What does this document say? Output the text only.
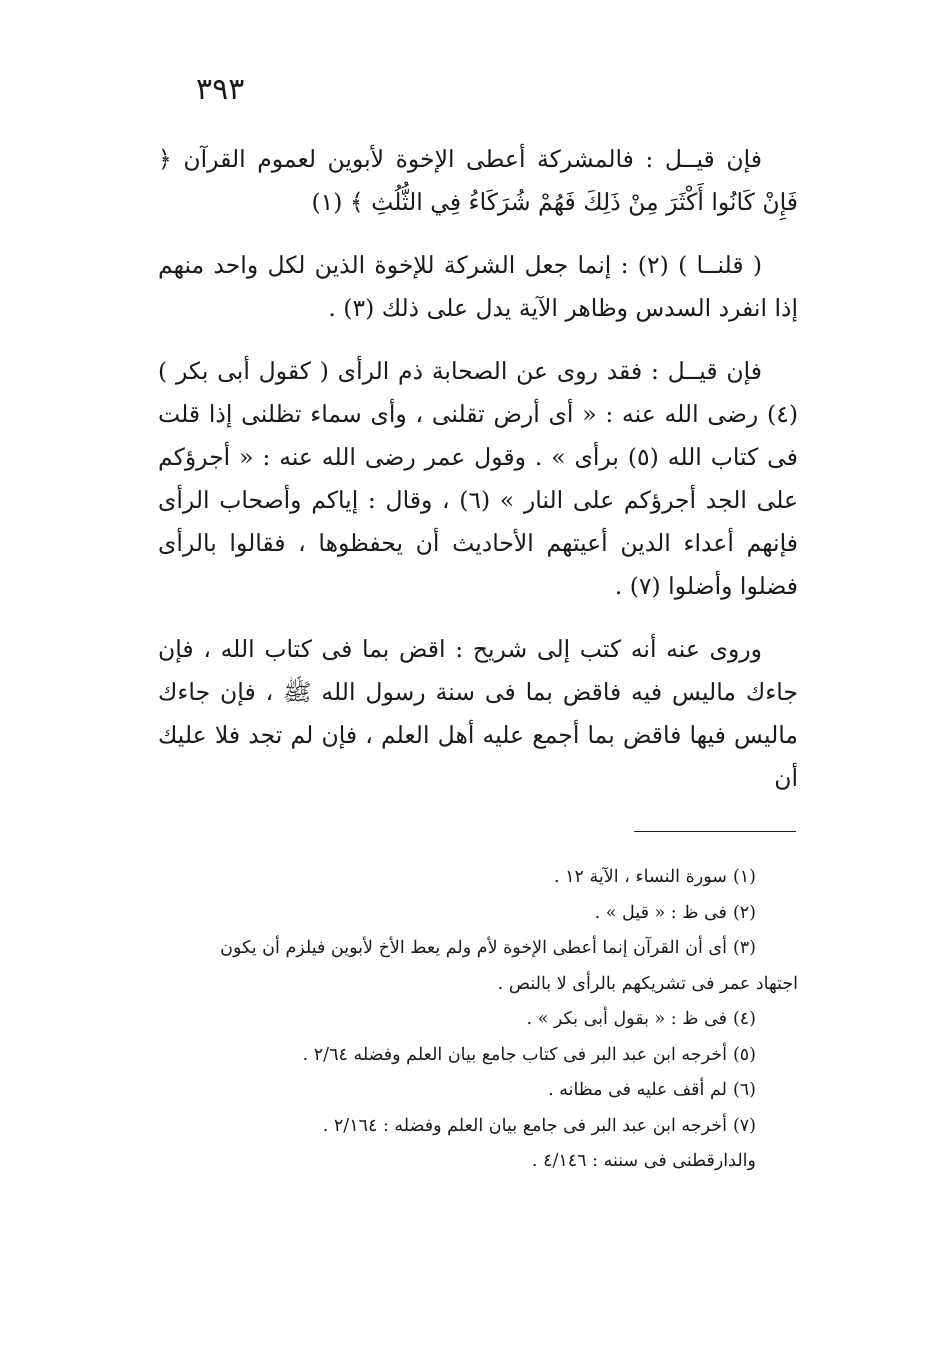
٣٩٣

فإن قيــل : فالمشركة أعطى الإخوة لأبوين لعموم القرآن ﴿ فَإِنْ كَانُوا أَكْثَرَ مِنْ ذَلِكَ فَهُمْ شُرَكَاءُ فِي الثُّلُثِ ﴾ (١)

( قلنــا ) (٢) : إنما جعل الشركة للإخوة الذين لكل واحد منهم إذا انفرد السدس وظاهر الآية يدل على ذلك (٣) .

فإن قيــل : فقد روى عن الصحابة ذم الرأى ( كقول أبى بكر ) (٤) رضى الله عنه : « أى أرض تقلنى ، وأى سماء تظلنى إذا قلت فى كتاب الله (٥) برأى » . وقول عمر رضى الله عنه : « أجرؤكم على الجد أجرؤكم على النار » (٦) ، وقال : إياكم وأصحاب الرأى فإنهم أعداء الدين أعيتهم الأحاديث أن يحفظوها ، فقالوا بالرأى فضلوا وأضلوا (٧) .

وروى عنه أنه كتب إلى شريح : اقض بما فى كتاب الله ، فإن جاءك ماليس فيه فاقض بما فى سنة رسول الله ﷺ ، فإن جاءك ماليس فيها فاقض بما أجمع عليه أهل العلم ، فإن لم تجد فلا عليك أن

(١)سورة النساء ، الآية ١٢ .
(٢)فى ظ : « قيل » .
(٣)أى أن القرآن إنما أعطى الإخوة لأم ولم يعط الأخ لأبوين فيلزم أن يكون
اجتهاد عمر فى تشريكهم بالرأى لا بالنص .
(٤)فى ظ : « بقول أبى بكر » .
(٥)أخرجه ابن عبد البر فى كتاب جامع بيان العلم وفضله ٢/٦٤ .
(٦)لم أقف عليه فى مظانه .
(٧)أخرجه ابن عبد البر فى جامع بيان العلم وفضله : ٢/١٦٤ .
والدارقطنى فى سننه : ٤/١٤٦ .
